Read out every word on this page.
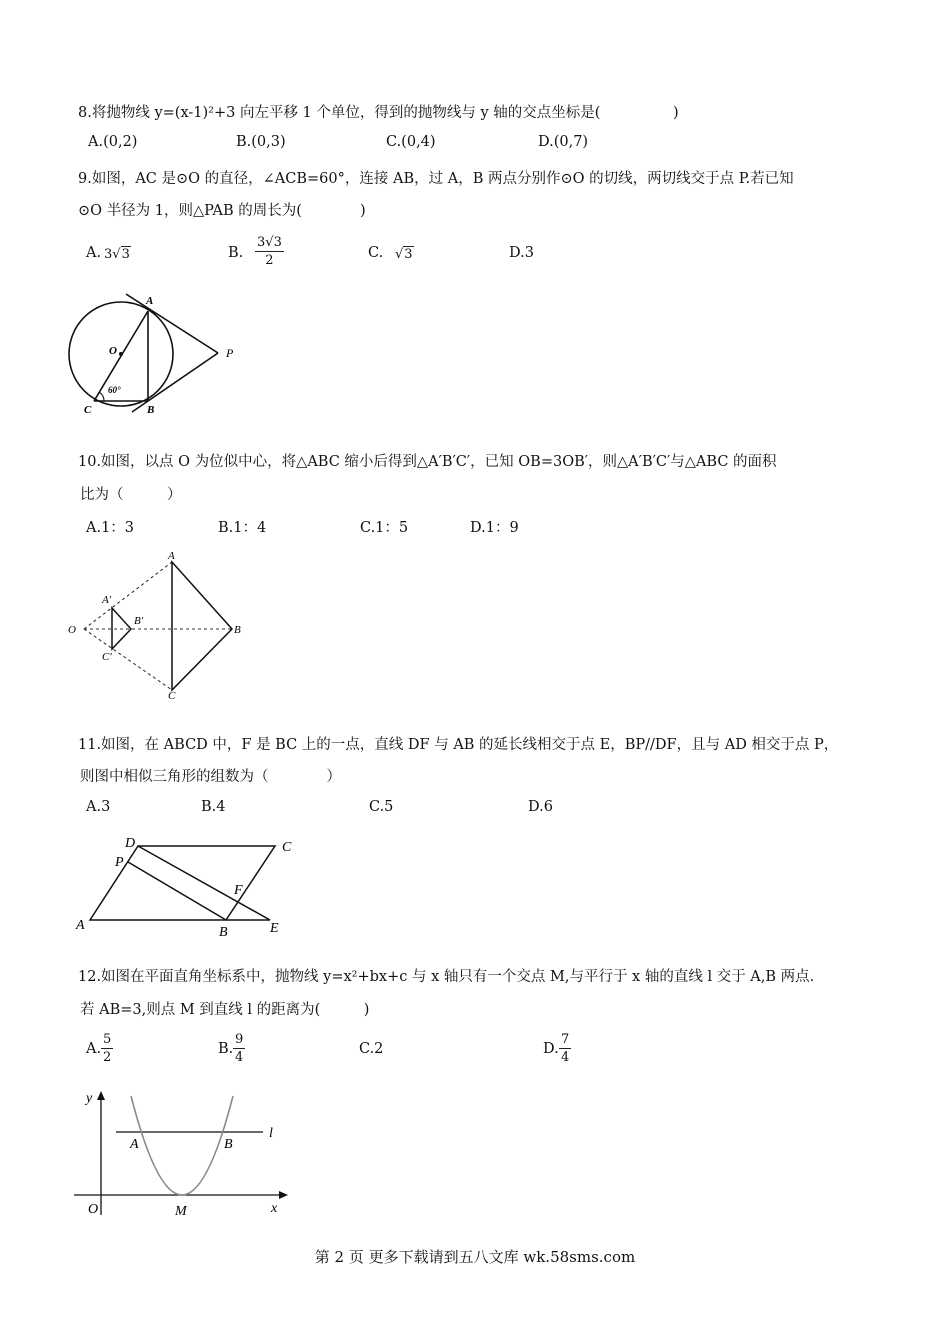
8.将抛物线 y=(x-1)²+3 向左平移 1 个单位，得到的抛物线与 y 轴的交点坐标是(　　　　　)
A.(0,2)	B.(0,3)	C.(0,4)	D.(0,7)
9.如图，AC 是⊙O 的直径，∠ACB=60°，连接 AB，过 A，B 两点分别作⊙O 的切线，两切线交于点 P.若已知
⊙O 半径为 1，则△PAB 的周长为(　　　　)
A. 3√3	B. $\frac{3√3}{2}$	C. √3	D.3
A
O	P
60°
C	B
10.如图，以点 O 为位似中心，将△ABC 缩小后得到△A′B′C′，已知 OB=3OB′，则△A′B′C′与△ABC 的面积
比为（　　　）
A.1：3	B.1：4	C.1：5	D.1：9
A
A′
B′
O	B
C′
C
11.如图，在 ABCD 中，F 是 BC 上的一点，直线 DF 与 AB 的延长线相交于点 E，BP//DF，且与 AD 相交于点 P，
则图中相似三角形的组数为（　　　　）
A.3	B.4	C.5	D.6
D	C
P
F
A	B	E
12.如图在平面直角坐标系中，抛物线 y=x²+bx+c 与 x 轴只有一个交点 M,与平行于 x 轴的直线 l 交于 A,B 两点.
若 AB=3,则点 M 到直线 l 的距离为(　　　)
A. $\frac{5}{2}$	B. $\frac{9}{4}$	C.2	D. $\frac{7}{4}$
y
A	B
l
O	M	x
第 2 页 更多下载请到五八文库 wk.58sms.com
